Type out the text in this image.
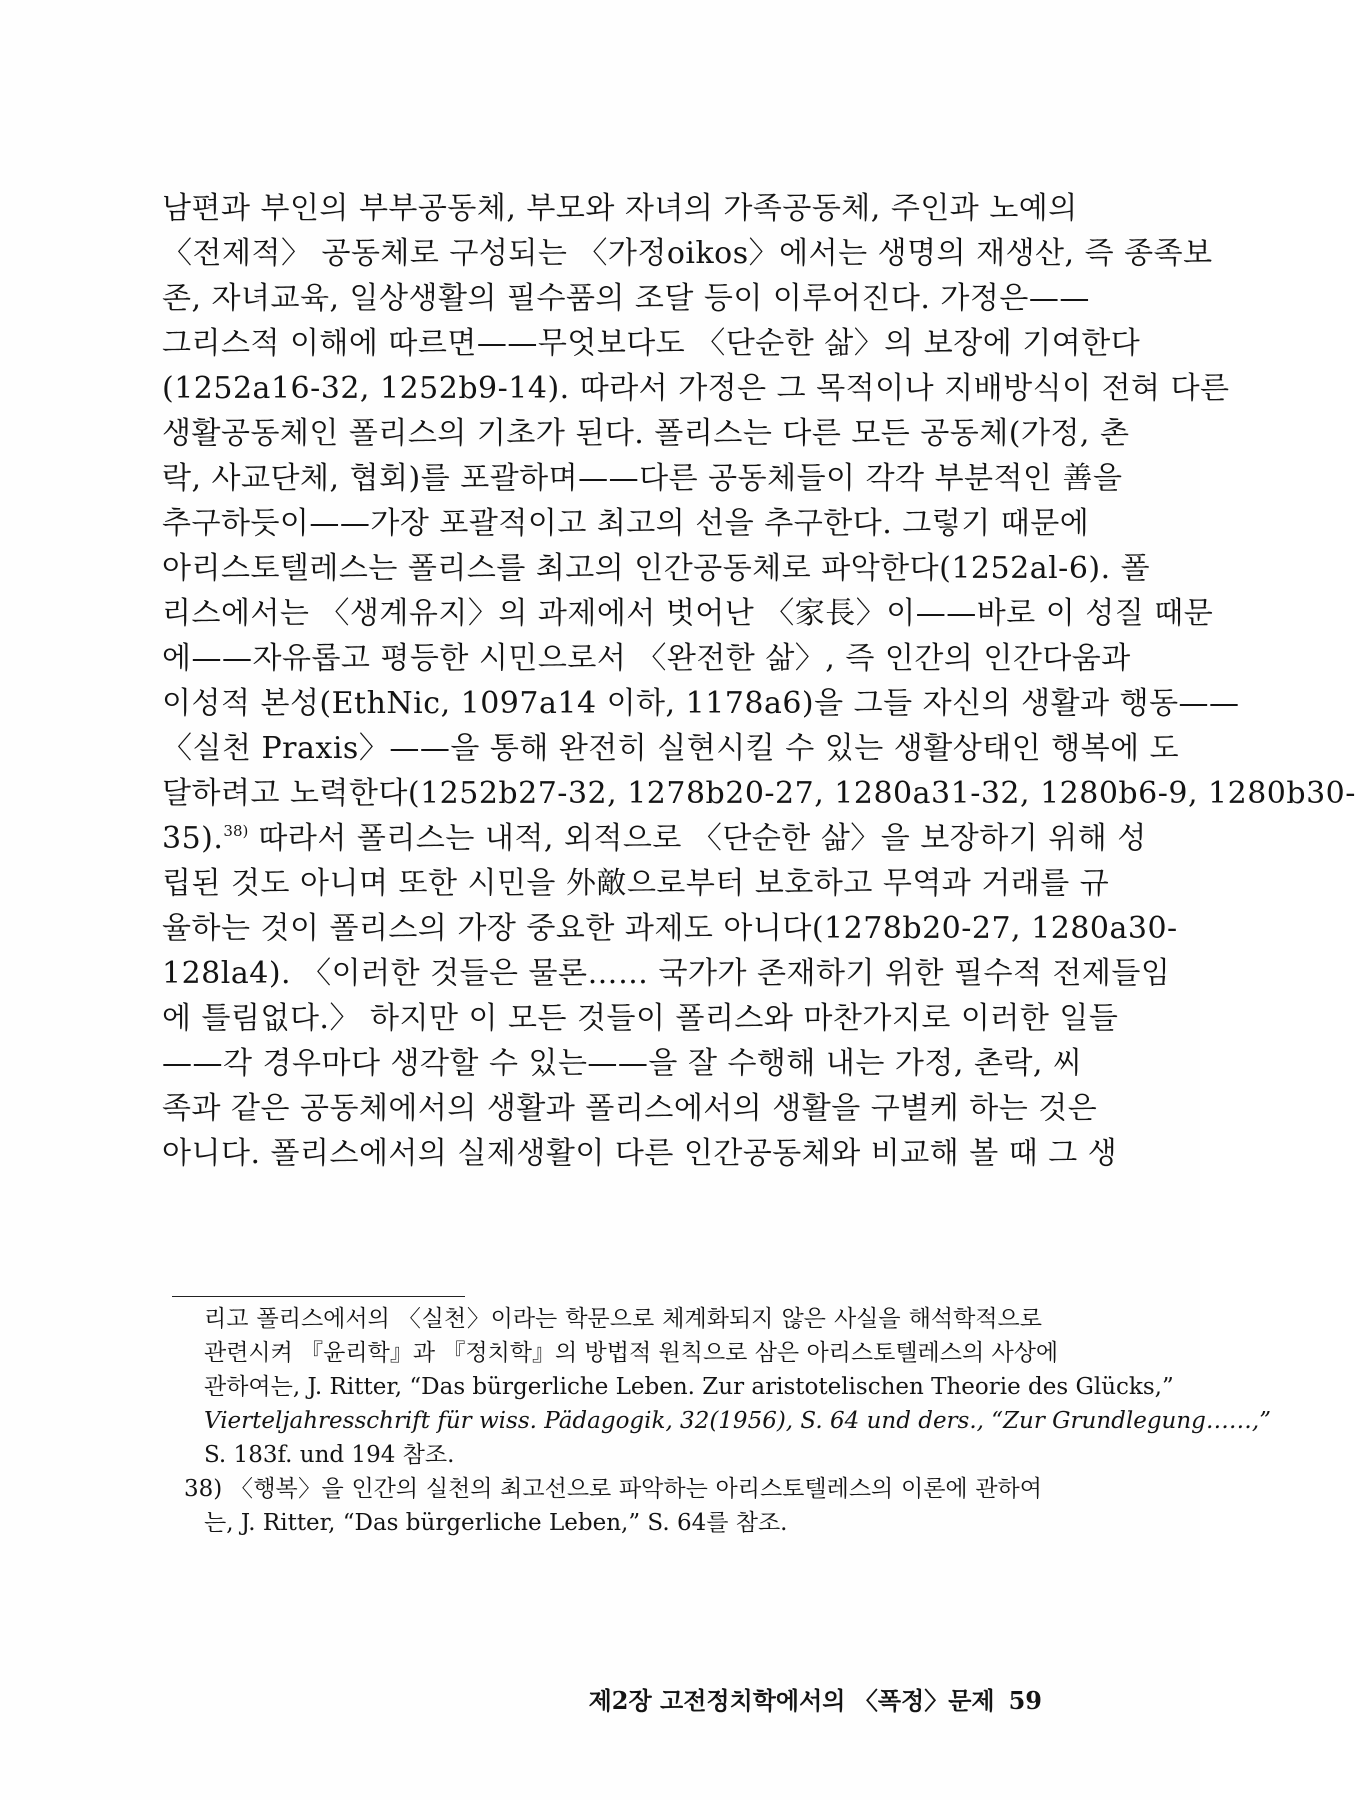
남편과 부인의 부부공동체, 부모와 자녀의 가족공동체, 주인과 노예의
〈전제적〉 공동체로 구성되는 〈가정oikos〉에서는 생명의 재생산, 즉 종족보
존, 자녀교육, 일상생활의 필수품의 조달 등이 이루어진다. 가정은——
그리스적 이해에 따르면——무엇보다도 〈단순한 삶〉의 보장에 기여한다
(1252a16-32, 1252b9-14). 따라서 가정은 그 목적이나 지배방식이 전혀 다른
생활공동체인 폴리스의 기초가 된다. 폴리스는 다른 모든 공동체(가정, 촌
락, 사교단체, 협회)를 포괄하며——다른 공동체들이 각각 부분적인 善을
추구하듯이——가장 포괄적이고 최고의 선을 추구한다. 그렇기 때문에
아리스토텔레스는 폴리스를 최고의 인간공동체로 파악한다(1252al-6). 폴
리스에서는 〈생계유지〉의 과제에서 벗어난 〈家長〉이——바로 이 성질 때문
에——자유롭고 평등한 시민으로서 〈완전한 삶〉, 즉 인간의 인간다움과
이성적 본성(EthNic, 1097a14 이하, 1178a6)을 그들 자신의 생활과 행동——
〈실천 Praxis〉——을 통해 완전히 실현시킬 수 있는 생활상태인 행복에 도
달하려고 노력한다(1252b27-32, 1278b20-27, 1280a31-32, 1280b6-9, 1280b30-
35).$^{38)}$ 따라서 폴리스는 내적, 외적으로 〈단순한 삶〉을 보장하기 위해 성
립된 것도 아니며 또한 시민을 外敵으로부터 보호하고 무역과 거래를 규
율하는 것이 폴리스의 가장 중요한 과제도 아니다(1278b20-27, 1280a30-
128la4). 〈이러한 것들은 물론…… 국가가 존재하기 위한 필수적 전제들임
에 틀림없다.〉 하지만 이 모든 것들이 폴리스와 마찬가지로 이러한 일들
——각 경우마다 생각할 수 있는——을 잘 수행해 내는 가정, 촌락, 씨
족과 같은 공동체에서의 생활과 폴리스에서의 생활을 구별케 하는 것은
아니다. 폴리스에서의 실제생활이 다른 인간공동체와 비교해 볼 때 그 생
리고 폴리스에서의 〈실천〉이라는 학문으로 체계화되지 않은 사실을 해석학적으로
관련시켜 『윤리학』과 『정치학』의 방법적 원칙으로 삼은 아리스토텔레스의 사상에
관하여는, J. Ritter, “Das bürgerliche Leben. Zur aristotelischen Theorie des Glücks,”
Vierteljahresschrift für wiss. Pädagogik, 32(1956), S. 64 und ders., “Zur Grundlegung……,”
S. 183f. und 194 참조.
38) 〈행복〉을 인간의 실천의 최고선으로 파악하는 아리스토텔레스의 이론에 관하여
는, J. Ritter, “Das bürgerliche Leben,” S. 64를 참조.
제2장 고전정치학에서의 〈폭정〉문제 59
